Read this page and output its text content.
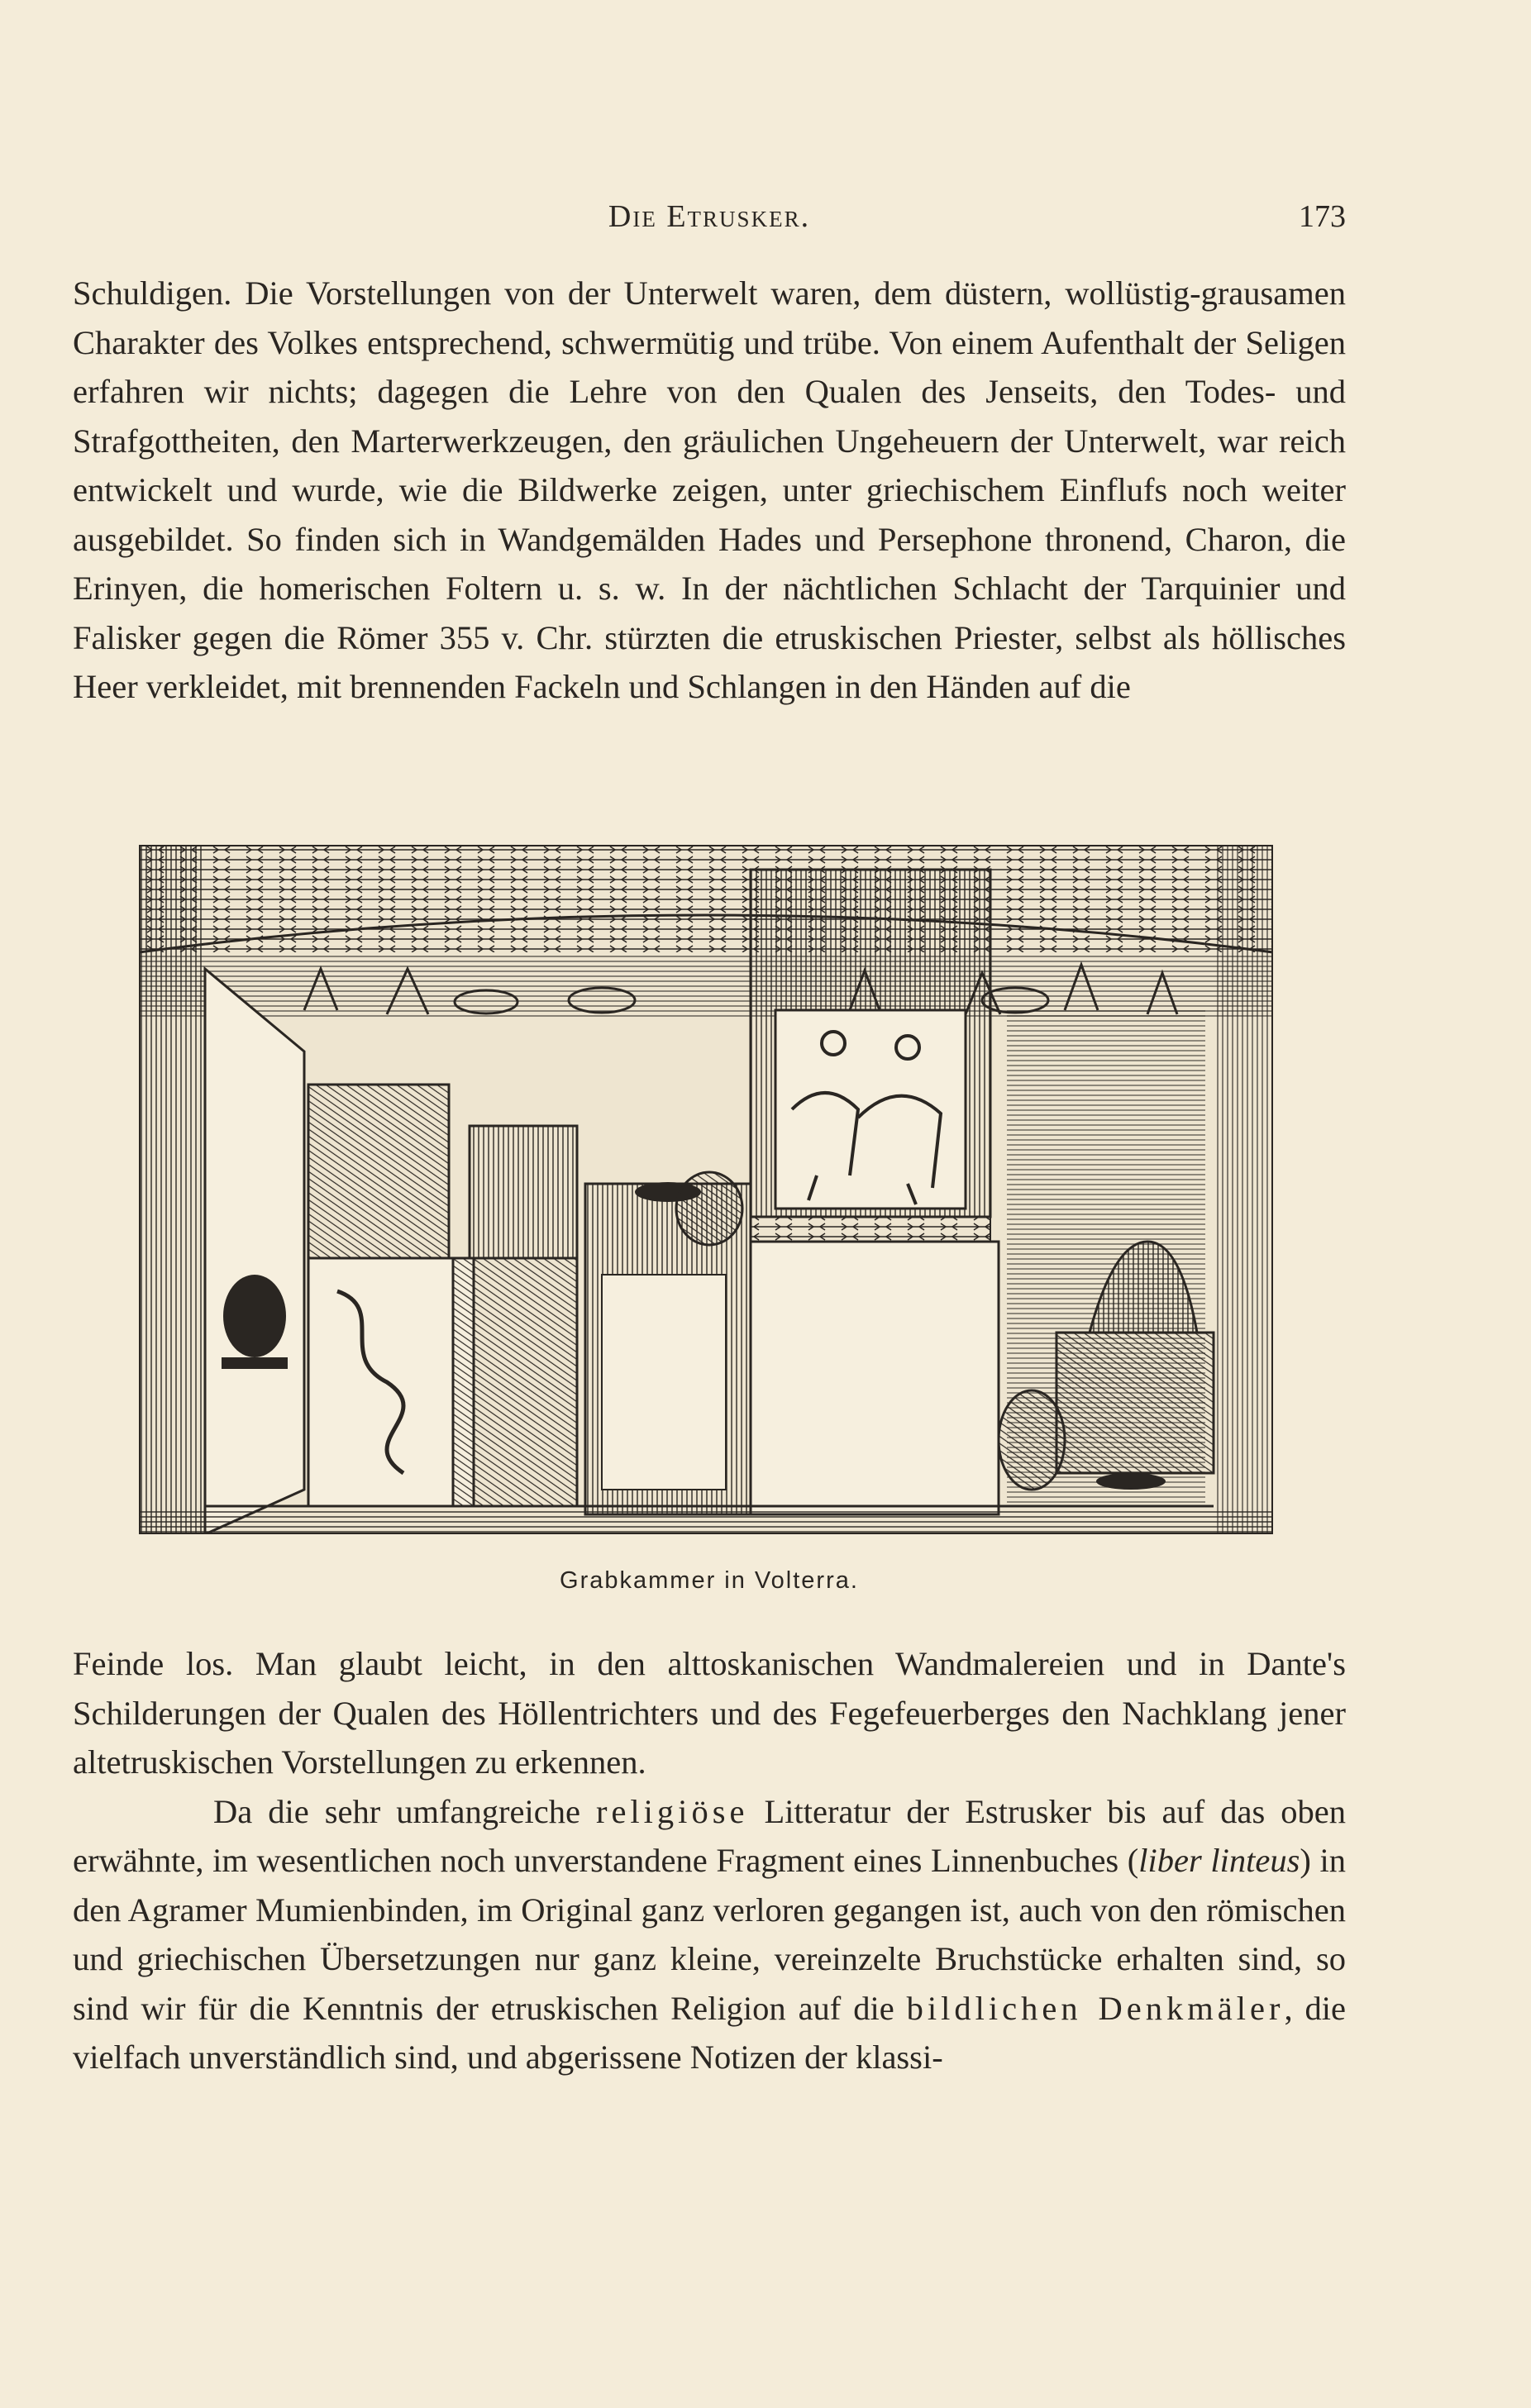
Die Etrusker.	173

Schuldigen. Die Vorstellungen von der Unterwelt waren, dem düstern, wollüstig-grausamen Charakter des Volkes entsprechend, schwermütig und trübe. Von einem Aufenthalt der Seligen erfahren wir nichts; dagegen die Lehre von den Qualen des Jenseits, den Todes- und Strafgottheiten, den Marterwerkzeugen, den gräulichen Ungeheuern der Unterwelt, war reich entwickelt und wurde, wie die Bildwerke zeigen, unter griechischem Einflufs noch weiter ausgebildet. So finden sich in Wandgemälden Hades und Persephone thronend, Charon, die Erinyen, die homerischen Foltern u. s. w. In der nächtlichen Schlacht der Tarquinier und Falisker gegen die Römer 355 v. Chr. stürzten die etruskischen Priester, selbst als höllisches Heer verkleidet, mit brennenden Fackeln und Schlangen in den Händen auf die

Grabkammer in Volterra.

Feinde los. Man glaubt leicht, in den alttoskanischen Wandmalereien und in Dante's Schilderungen der Qualen des Höllentrichters und des Fegefeuerberges den Nachklang jener altetruskischen Vorstellungen zu erkennen.

Da die sehr umfangreiche religiöse Litteratur der Estrusker bis auf das oben erwähnte, im wesentlichen noch unverstandene Fragment eines Linnenbuches (liber linteus) in den Agramer Mumienbinden, im Original ganz verloren gegangen ist, auch von den römischen und griechischen Übersetzungen nur ganz kleine, vereinzelte Bruchstücke erhalten sind, so sind wir für die Kenntnis der etruskischen Religion auf die bildlichen Denkmäler, die vielfach unverständlich sind, und abgerissene Notizen der klassi-
